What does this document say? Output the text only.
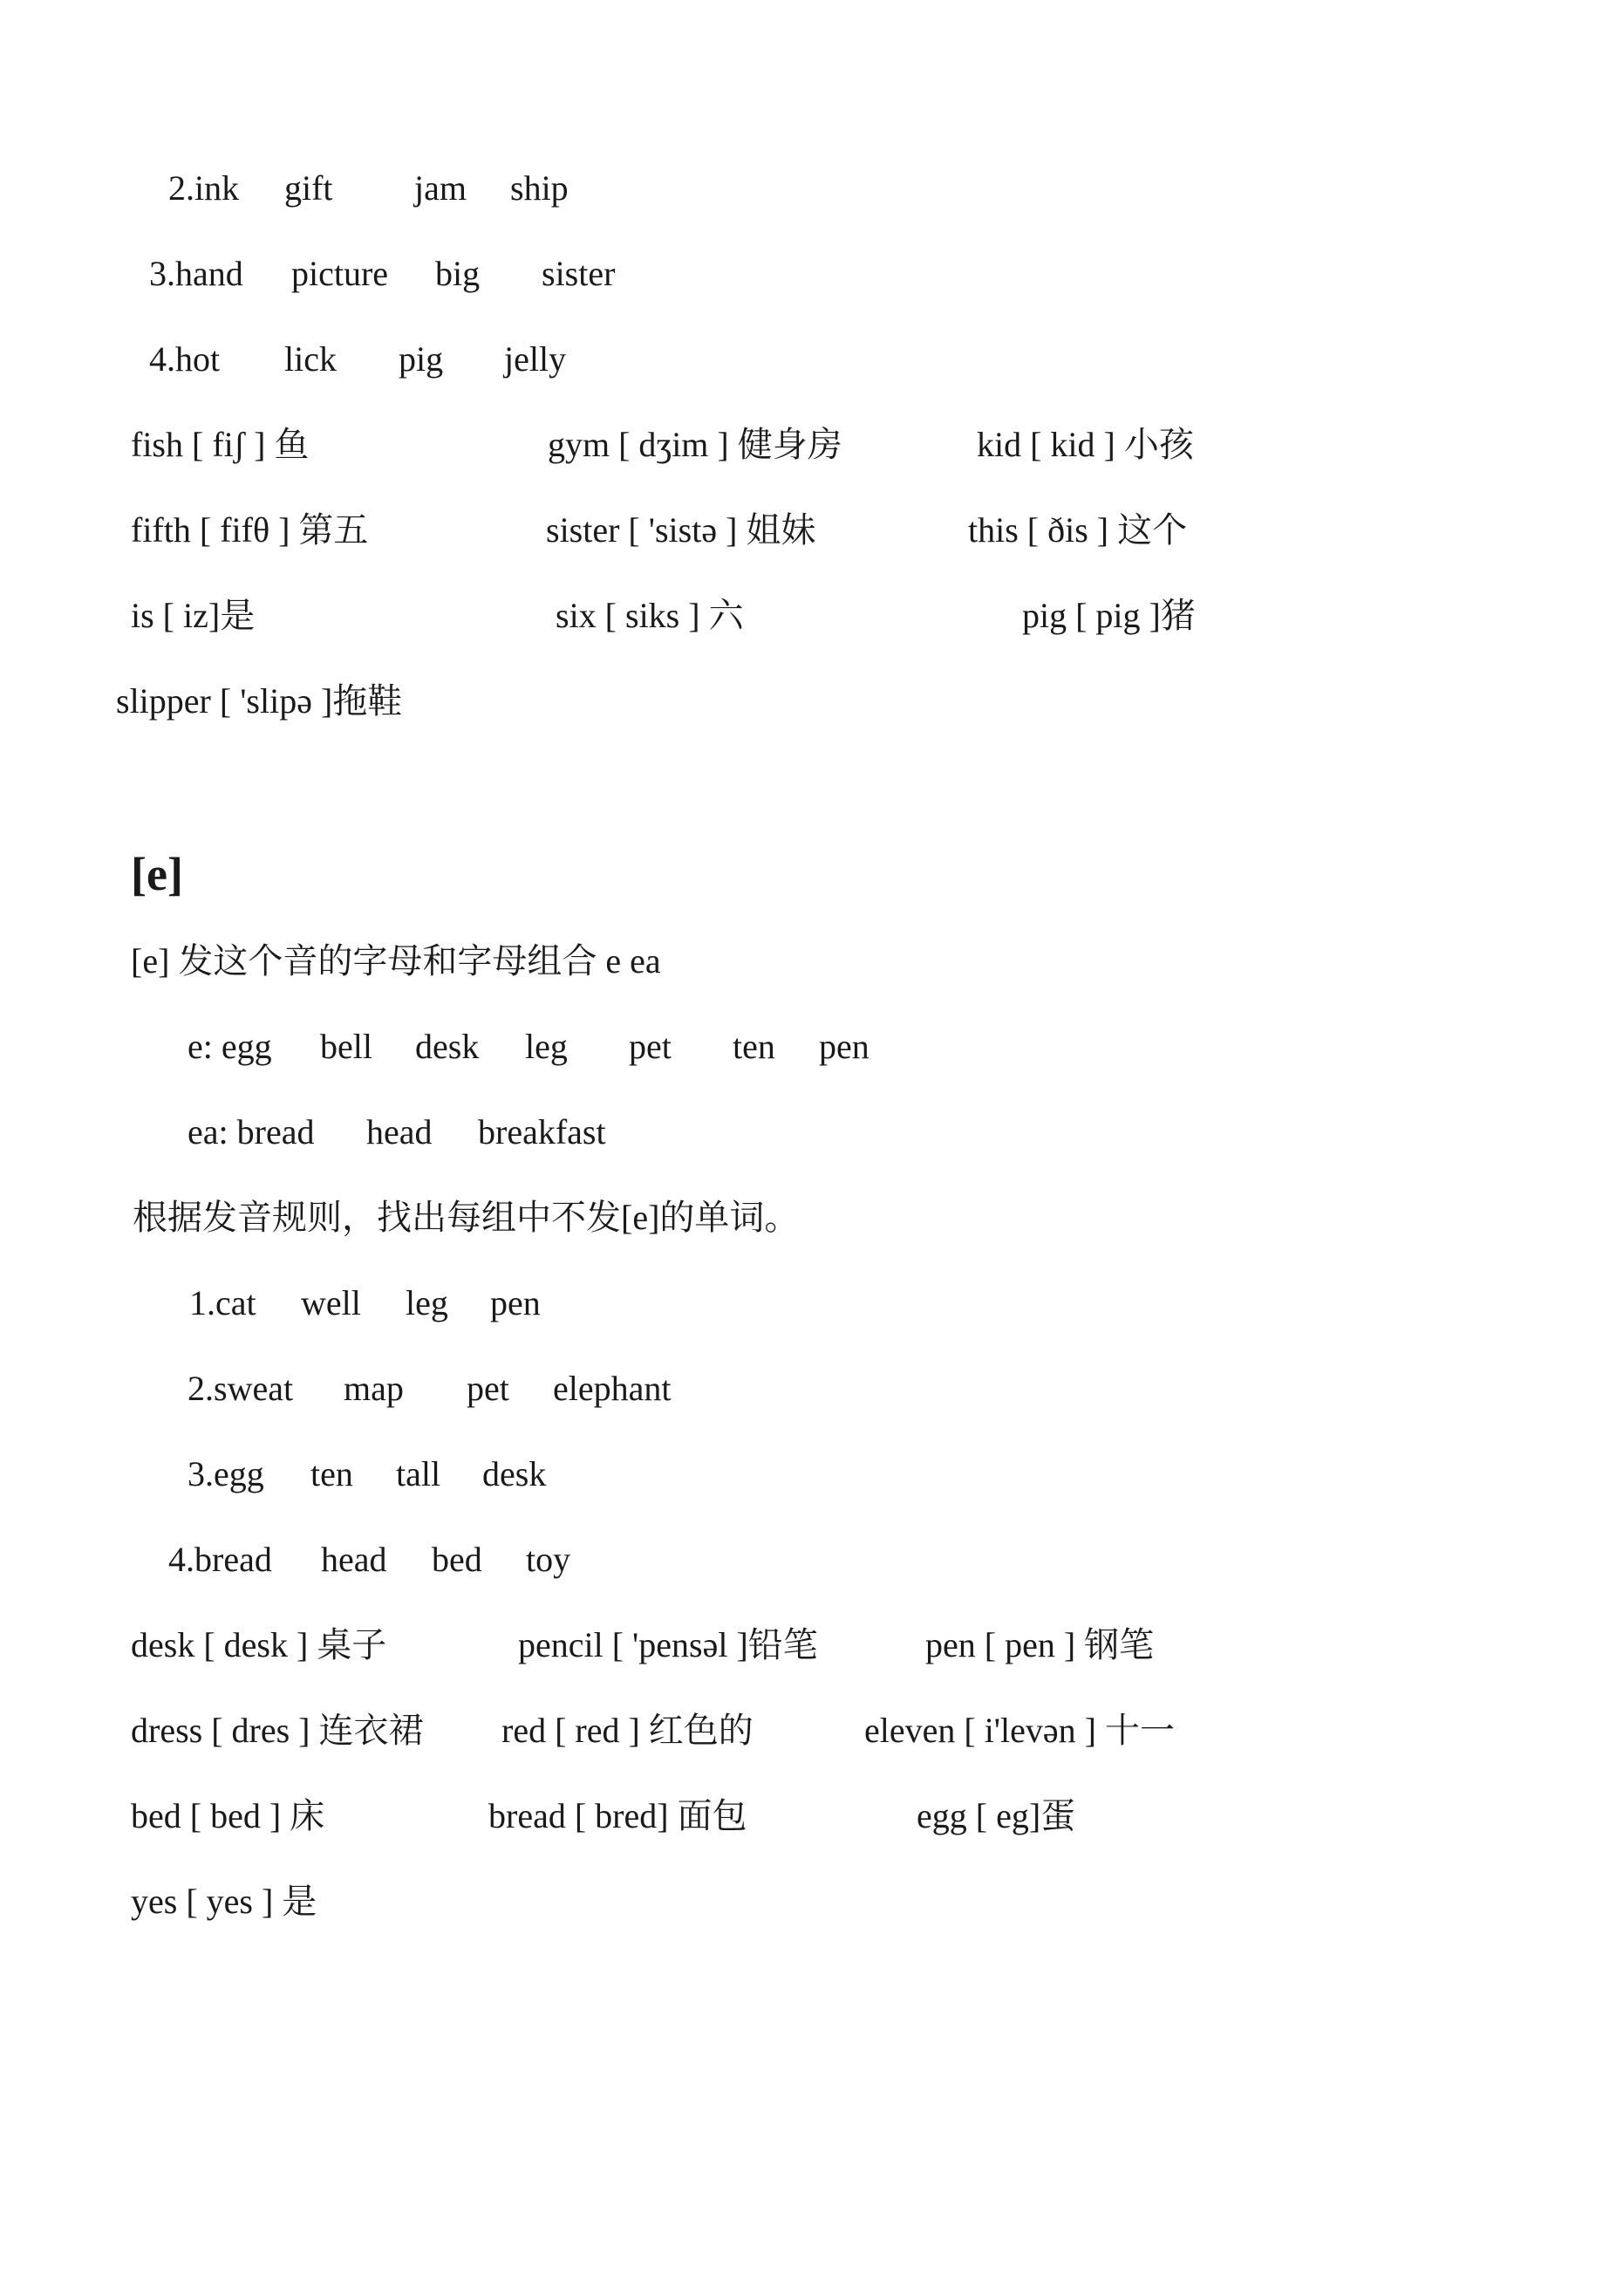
2.ink gift jam ship
3.hand picture big sister
4.hot lick pig jelly
fish [ fiʃ ] 鱼	gym [ dʒim ] 健身房	kid [ kid ] 小孩
fifth [ fifθ ] 第五	sister [ 'sistə ] 姐妹	this [ ðis ] 这个
is [ iz]是	six [ siks ] 六	pig [ pig ]猪
slipper [ 'slipə ]拖鞋
[e]
[e] 发这个音的字母和字母组合 e ea
e: egg bell desk leg pet ten pen
ea: bread head breakfast
根据发音规则，找出每组中不发[e]的单词。
1.cat well leg pen
2.sweat map pet elephant
3.egg ten tall desk
4.bread head bed toy
desk [ desk ] 桌子	pencil [ 'pensəl ]铅笔	pen [ pen ] 钢笔
dress [ dres ] 连衣裙 red [ red ] 红色的	eleven [ i'levən ] 十一
bed [ bed ] 床	bread [ bred] 面包	egg [ eg]蛋
yes [ yes ] 是
